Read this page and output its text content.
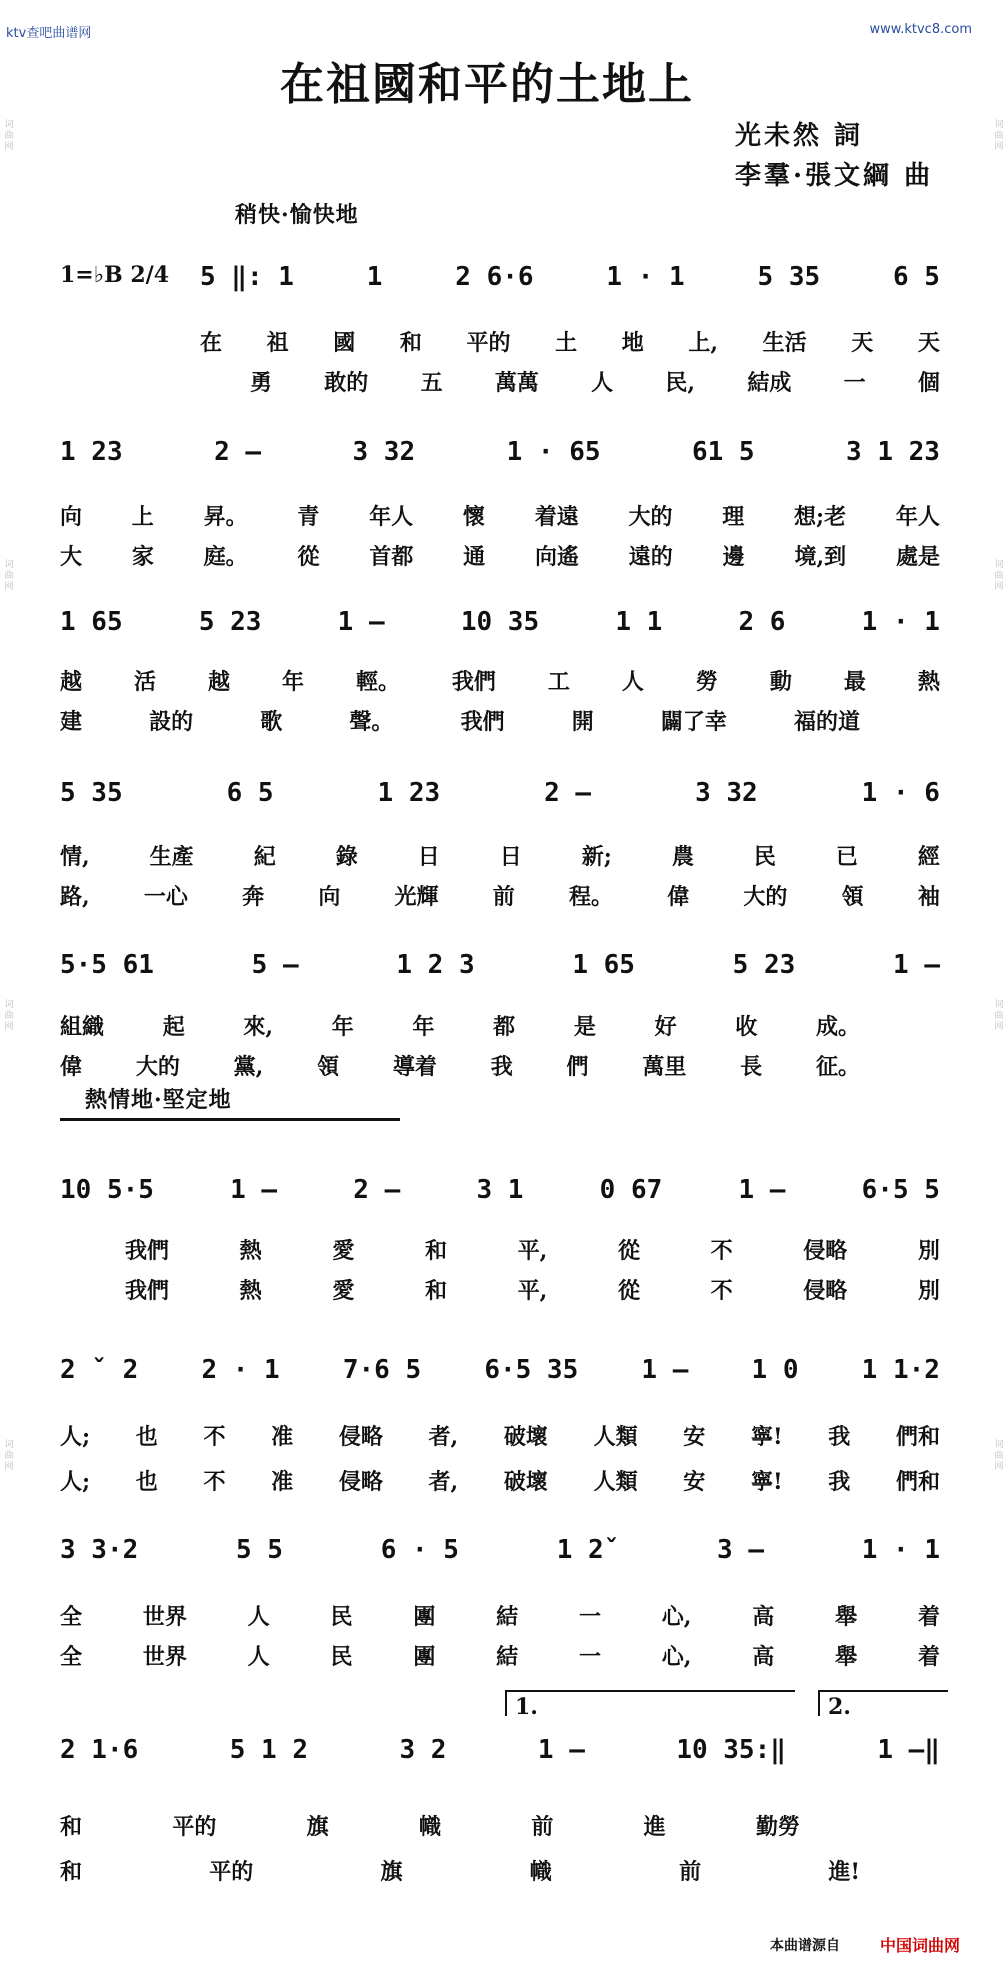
ktv查吧曲谱网	www.ktvc8.com
词曲网
词曲网
词曲网
词曲网
词曲网
词曲网
词曲网
词曲网
在祖國和平的土地上
光未然 詞
李羣·張文綱 曲
稍快·愉快地
1=♭B 2/4 5 ‖: 1	1	2 6·6	1 · 1	5 35	6 5
在 祖 國 和 平的 土 地 上, 生活 天 天
勇 敢的 五 萬萬 人 民, 結成 一 個
1 23	2 —	3 32	1 · 65	61 5	3 1 23
向 上 昇。 青 年人 懷 着遠 大的 理 想;老 年人
大 家 庭。 從 首都 通 向遙 遠的 邊 境,到 處是
1 65	5 23	1 —	10 35	1 1	2 6	1 · 1
越 活 越 年 輕。 我們 工 人 勞 動 最 熱
建	設的	歌	聲。	我們	開	闢了幸	福的道
5 35	6 5	1 23	2 —	3 32	1 · 6
情,	生產	紀	錄	日	日	新;	農	民	已	經
路, 一心 奔 向 光輝 前 程。 偉 大的 領 袖
5·5 61	5 —	1 2 3	1 65	5 23	1 —
組織	起	來,	年	年	都	是	好	收	成。
偉 大的 黨, 領 導着 我 們 萬里 長 征。
熱情地·堅定地
10 5·5	1 —	2 —	3 1	0 67	1 —	6·5 5
我們	熱	愛	和	平,	從	不	侵略	別
我們	熱	愛	和	平,	從	不	侵略	別
2 ˇ 2 2 · 1 7·6 5 6·5 35 1 — 1 0 1 1·2
人; 也 不 准 侵略 者, 破壞 人類 安 寧! 我 們和
人; 也 不 准 侵略 者, 破壞 人類 安 寧! 我 們和
3 3·2	5 5	6 · 5	1 2ˇ	3 —	1 · 1
全	世界	人	民	團	結	一	心,	高	舉	着
全	世界	人	民	團	結	一	心,	高	舉	着
1.	2.
2 1·6	5 1 2	3 2	1 —	10 35:‖	1 —‖
和	平的	旗	幟	前	進	勤勞
和	平的	旗	幟	前	進!
本曲谱源自	中国词曲网
